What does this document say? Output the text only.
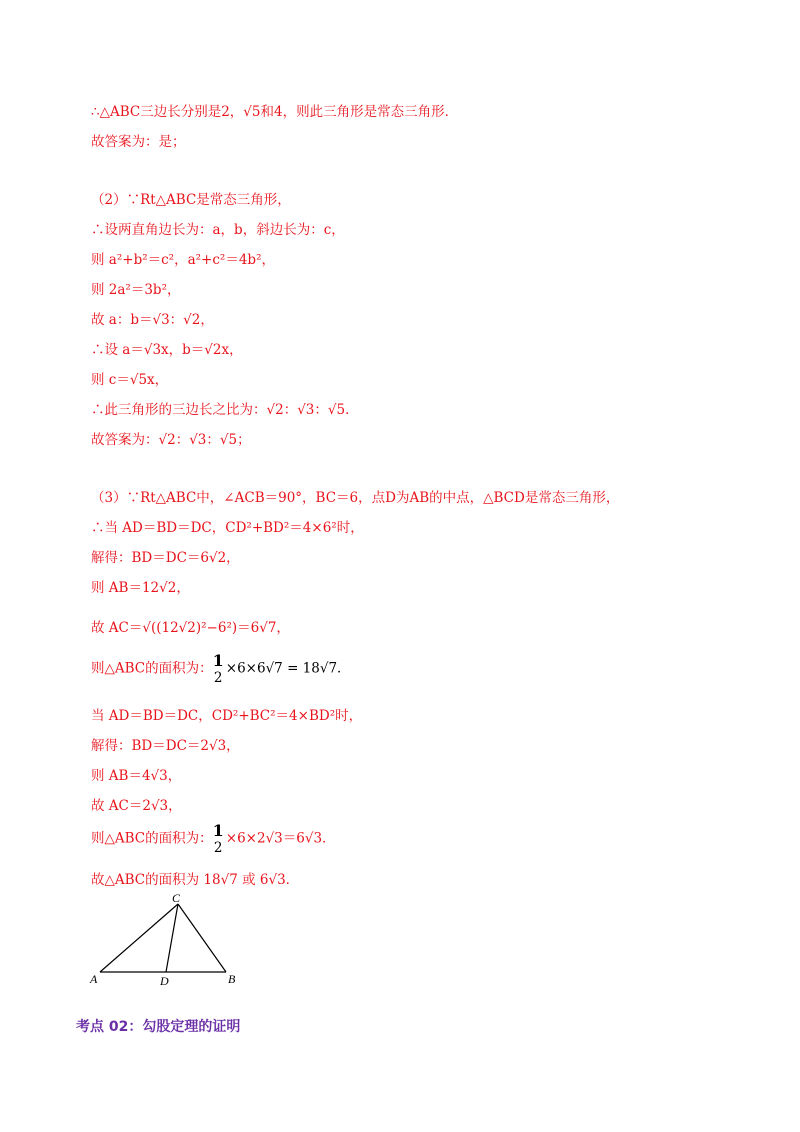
∴△ABC三边长分别是2，√5和4，则此三角形是常态三角形．
故答案为：是；
（2）∵Rt△ABC是常态三角形，
∴设两直角边长为：a，b，斜边长为：c，
则 a²+b²＝c²，a²+c²＝4b²，
则 2a²＝3b²，
故 a：b＝√3：√2，
∴设 a＝√3x，b＝√2x，
则 c＝√5x，
∴此三角形的三边长之比为：√2：√3：√5．
故答案为：√2：√3：√5；
（3）∵Rt△ABC中，∠ACB＝90°，BC＝6，点D为AB的中点，△BCD是常态三角形，
∴当 AD＝BD＝DC，CD²+BD²＝4×6²时，
解得：BD＝DC＝6√2，
则 AB＝12√2，
故 AC＝√((12√2)²−6²)＝6√7，
则△ABC的面积为： 1
2
×6×6√7 = 18√7．
当 AD＝BD＝DC，CD²+BC²＝4×BD²时，
解得：BD＝DC＝2√3，
则 AB＝4√3，
故 AC＝2√3，
则△ABC的面积为： 1
2
×6×2√3＝6√3．
故△ABC的面积为 18√7 或 6√3．
A
C
B
D
考点 02：勾股定理的证明
